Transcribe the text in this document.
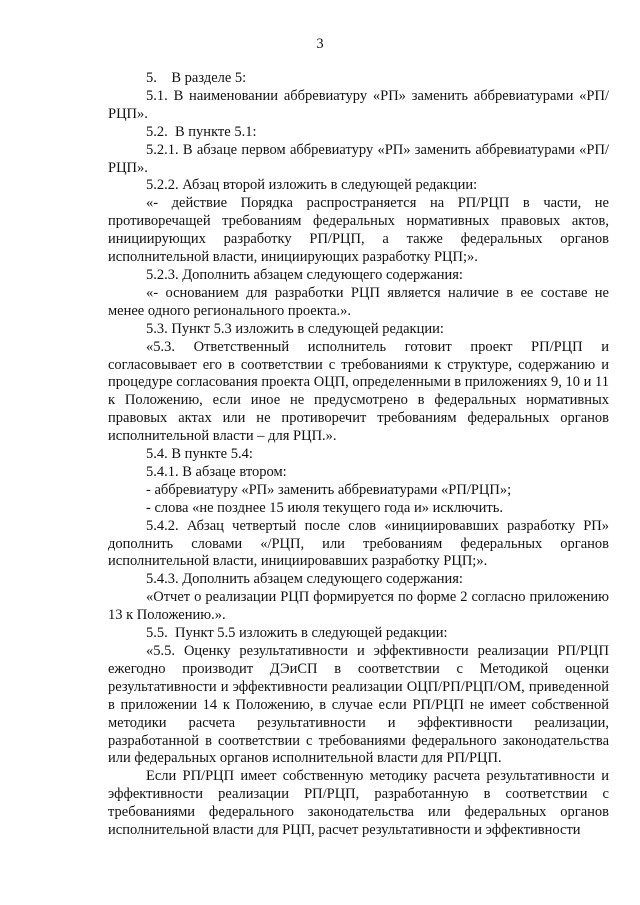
3

5.    В разделе 5:

5.1. В наименовании аббревиатуру «РП» заменить аббревиатурами «РП/РЦП».

5.2.  В пункте 5.1:

5.2.1. В абзаце первом аббревиатуру «РП» заменить аббревиатурами «РП/РЦП».

5.2.2. Абзац второй изложить в следующей редакции:

«- действие Порядка распространяется на РП/РЦП в части, не противоречащей требованиям федеральных нормативных правовых актов, инициирующих разработку РП/РЦП, а также федеральных органов исполнительной власти, инициирующих разработку РЦП;».

5.2.3. Дополнить абзацем следующего содержания:

«- основанием для разработки РЦП является наличие в ее составе не менее одного регионального проекта.».

5.3. Пункт 5.3 изложить в следующей редакции:

«5.3. Ответственный исполнитель готовит проект РП/РЦП и согласовывает его в соответствии с требованиями к структуре, содержанию и процедуре согласования проекта ОЦП, определенными в приложениях 9, 10 и 11 к Положению, если иное не предусмотрено в федеральных нормативных правовых актах или не противоречит требованиям федеральных органов исполнительной власти – для РЦП.».

5.4. В пункте 5.4:

5.4.1. В абзаце втором:

- аббревиатуру «РП» заменить аббревиатурами «РП/РЦП»;

- слова «не позднее 15 июля текущего года и» исключить.

5.4.2. Абзац четвертый после слов «инициировавших разработку РП» дополнить словами «/РЦП, или требованиям федеральных органов исполнительной власти, инициировавших разработку РЦП;».

5.4.3. Дополнить абзацем следующего содержания:

«Отчет о реализации РЦП формируется по форме 2 согласно приложению 13 к Положению.».

5.5.  Пункт 5.5 изложить в следующей редакции:

«5.5. Оценку результативности и эффективности реализации РП/РЦП ежегодно производит ДЭиСП в соответствии с Методикой оценки результативности и эффективности реализации ОЦП/РП/РЦП/ОМ, приведенной в приложении 14 к Положению, в случае если РП/РЦП не имеет собственной методики расчета результативности и эффективности реализации, разработанной в соответствии с требованиями федерального законодательства или федеральных органов исполнительной власти для РП/РЦП.

Если РП/РЦП имеет собственную методику расчета результативности и эффективности реализации РП/РЦП, разработанную в соответствии с требованиями федерального законодательства или федеральных органов исполнительной власти для РЦП, расчет результативности и эффективности
